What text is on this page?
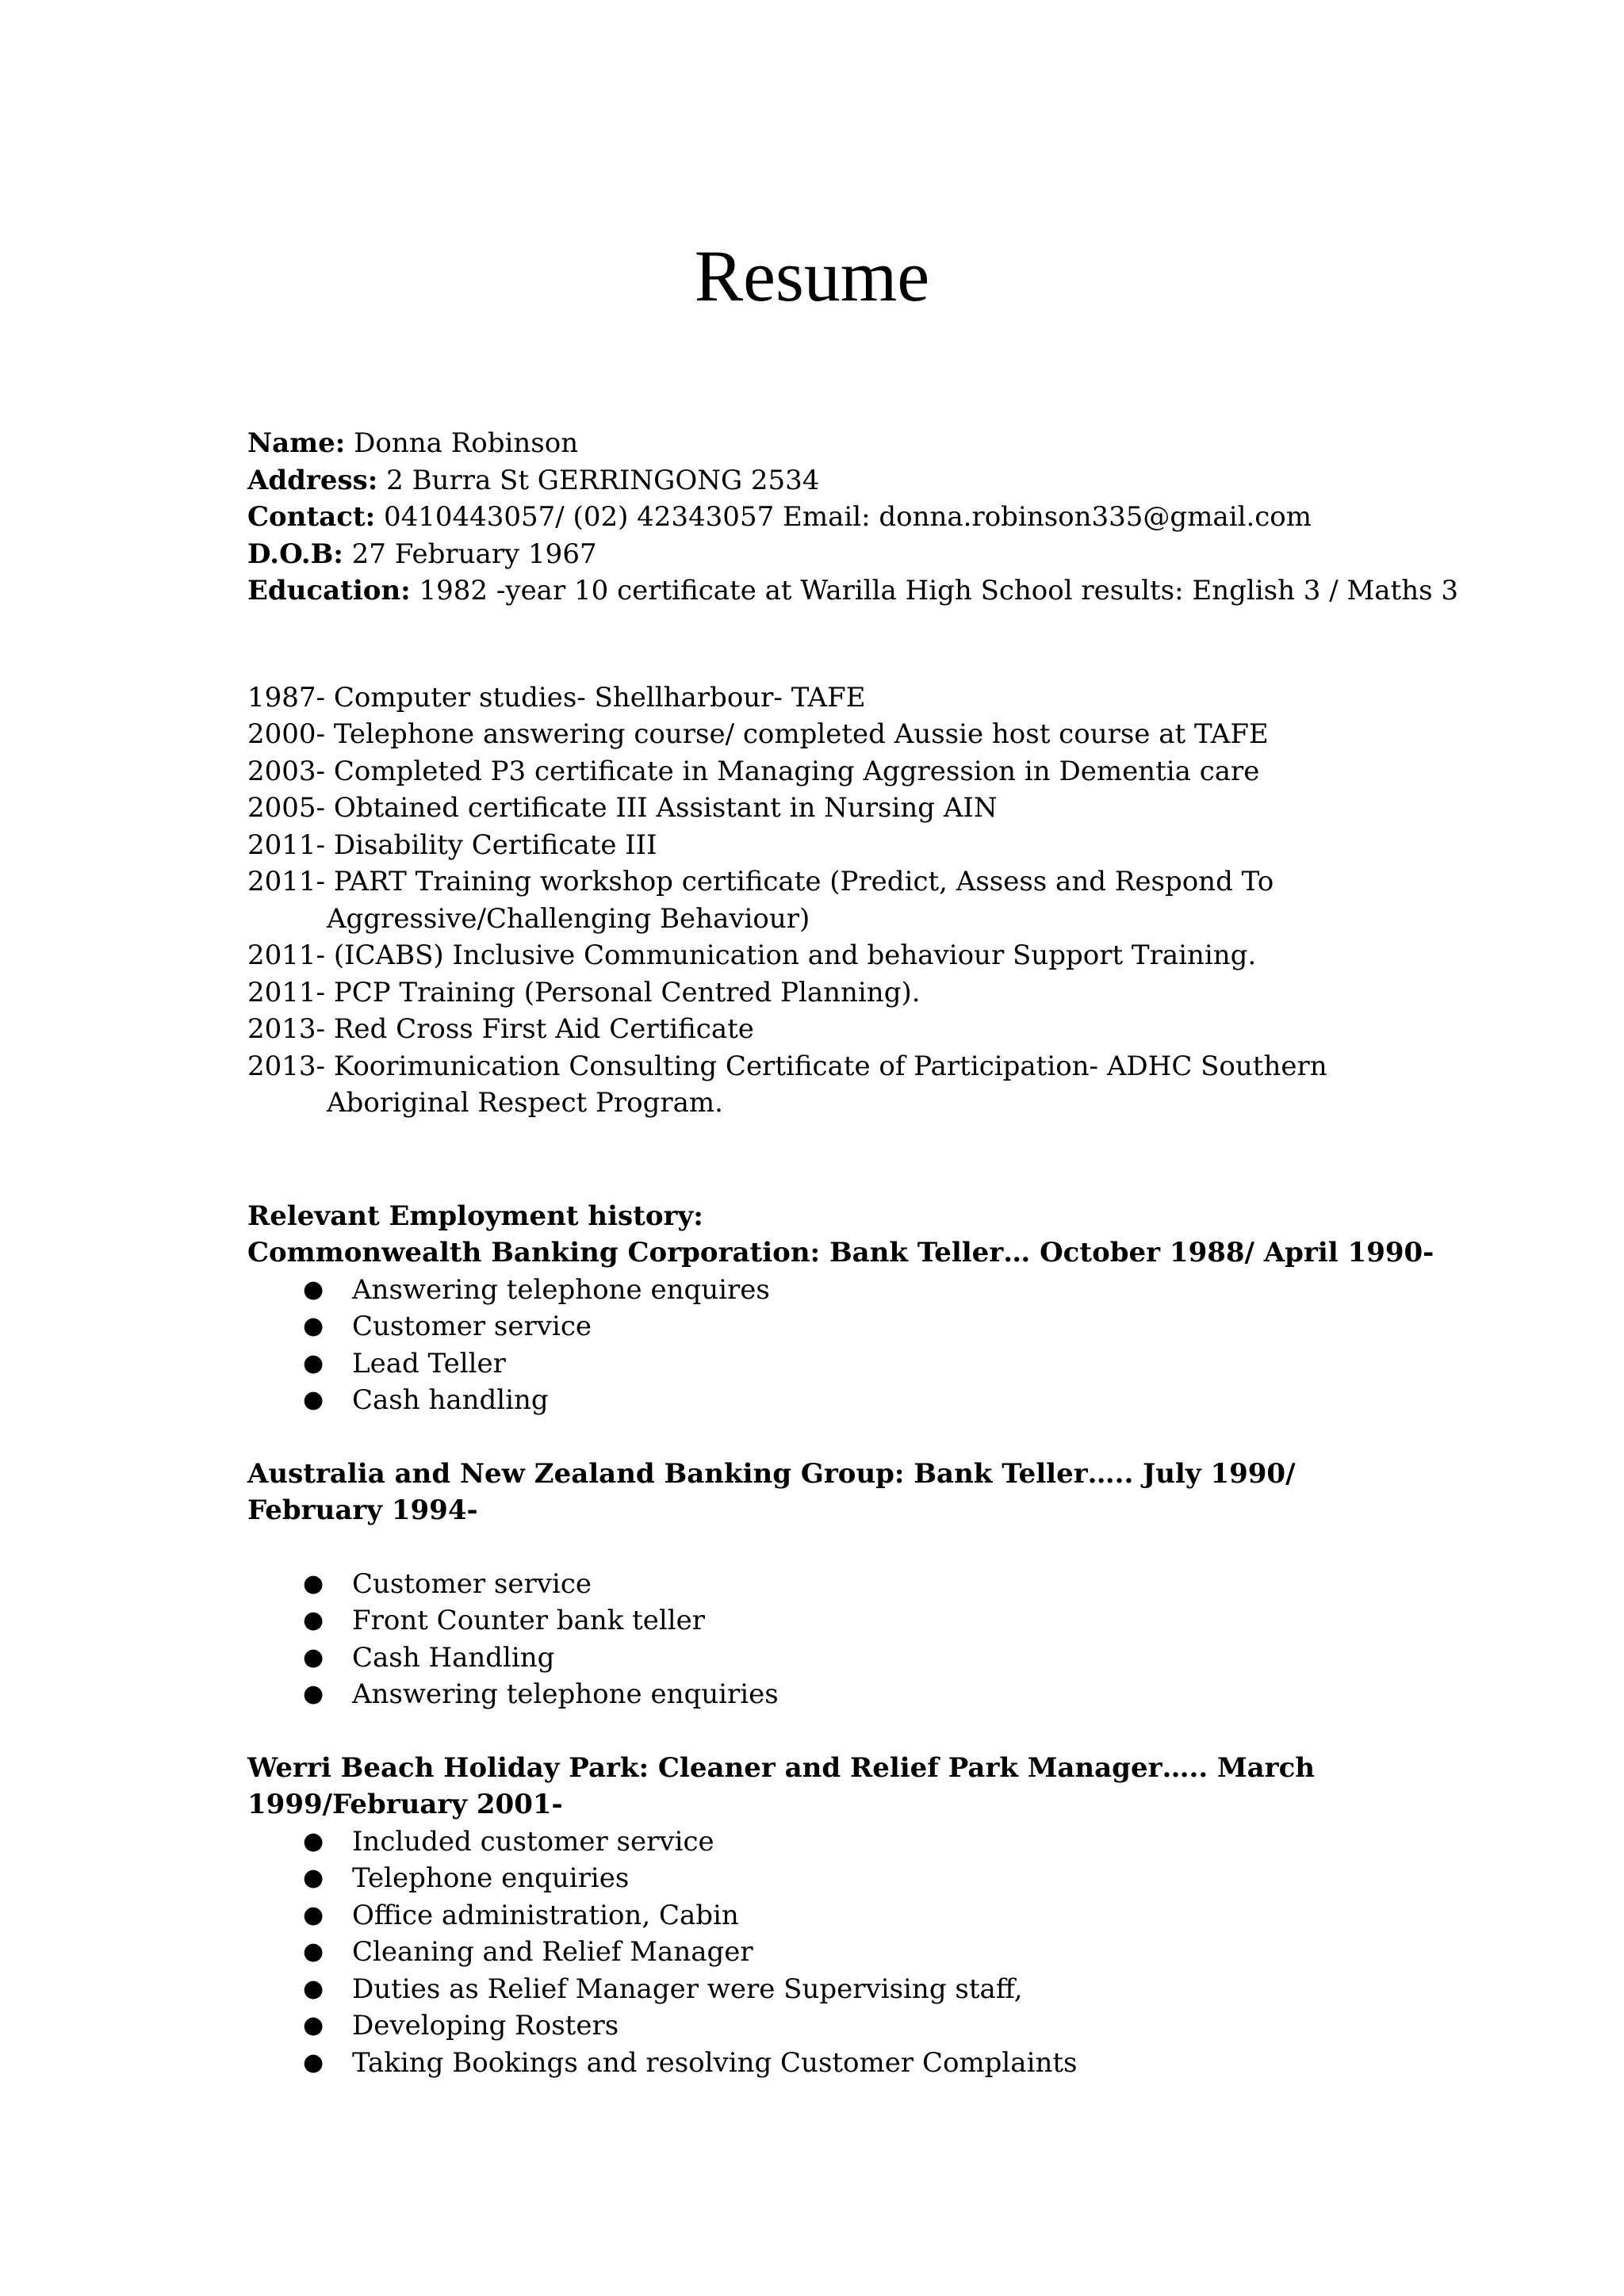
Resume
Name: Donna Robinson
Address: 2 Burra St GERRINGONG 2534
Contact: 0410443057/ (02) 42343057 Email: donna.robinson335@gmail.com
D.O.B: 27 February 1967
Education: 1982 -year 10 certificate at Warilla High School results: English 3 / Maths 3
1987-
Computer studies- Shellharbour- TAFE
2000-
Telephone answering course/ completed Aussie host course at TAFE
2003-
Completed P3 certificate in Managing Aggression in Dementia care
2005-
Obtained certificate III Assistant in Nursing AIN
2011-
Disability Certificate III
2011-
PART Training workshop certificate (Predict, Assess and Respond To
Aggressive/Challenging Behaviour)
2011-
(ICABS) Inclusive Communication and behaviour Support Training.
2011-
PCP Training (Personal Centred Planning).
2013-
Red Cross First Aid Certificate
2013-
Koorimunication Consulting Certificate of Participation- ADHC Southern
Aboriginal Respect Program.
Relevant Employment history:
Commonwealth Banking Corporation: Bank Teller… October 1988/ April 1990-
● Answering telephone enquires
● Customer service
● Lead Teller
● Cash handling
Australia and New Zealand Banking Group: Bank Teller….. July 1990/ February 1994-
● Customer service
● Front Counter bank teller
● Cash Handling
● Answering telephone enquiries
Werri Beach Holiday Park: Cleaner and Relief Park Manager….. March 1999/February 2001-
● Included customer service
● Telephone enquiries
● Office administration, Cabin
● Cleaning and Relief Manager
● Duties as Relief Manager were Supervising staff,
● Developing Rosters
● Taking Bookings and resolving Customer Complaints
